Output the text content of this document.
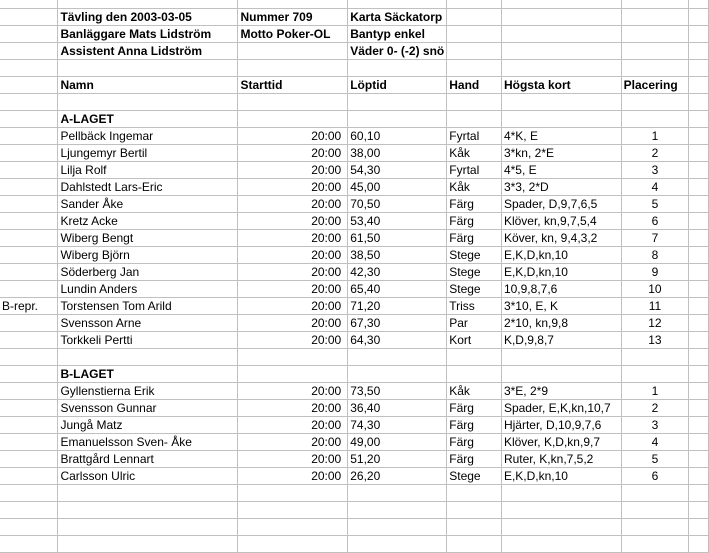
	Tävling den 2003-03-05	Nummer 709	Karta Säckatorp				
	Banläggare Mats Lidström	Motto Poker-OL	Bantyp enkel				
	Assistent Anna Lidström		Väder 0- (-2) snö				

	Namn	Starttid	Löptid	Hand	Högsta kort	Placering	

	A-LAGET						
	Pellbäck Ingemar	20:00	60,10	Fyrtal	4*K, E	1	
	Ljungemyr Bertil	20:00	38,00	Kåk	3*kn, 2*E	2	
	Lilja Rolf	20:00	54,30	Fyrtal	4*5, E	3	
	Dahlstedt Lars-Eric	20:00	45,00	Kåk	3*3, 2*D	4	
	Sander Åke	20:00	70,50	Färg	Spader, D,9,7,6,5	5	
	Kretz Acke	20:00	53,40	Färg	Klöver, kn,9,7,5,4	6	
	Wiberg Bengt	20:00	61,50	Färg	Köver, kn, 9,4,3,2	7	
	Wiberg Björn	20:00	38,50	Stege	E,K,D,kn,10	8	
	Söderberg Jan	20:00	42,30	Stege	E,K,D,kn,10	9	
	Lundin Anders	20:00	65,40	Stege	10,9,8,7,6	10	
B-repr.	Torstensen Tom Arild	20:00	71,20	Triss	3*10, E, K	11	
	Svensson Arne	20:00	67,30	Par	2*10, kn,9,8	12	
	Torkkeli Pertti	20:00	64,30	Kort	K,D,9,8,7	13	

	B-LAGET						
	Gyllenstierna Erik	20:00	73,50	Kåk	3*E, 2*9	1	
	Svensson Gunnar	20:00	36,40	Färg	Spader, E,K,kn,10,7	2	
	Jungå Matz	20:00	74,30	Färg	Hjärter, D,10,9,7,6	3	
	Emanuelsson Sven- Åke	20:00	49,00	Färg	Klöver, K,D,kn,9,7	4	
	Brattgård Lennart	20:00	51,20	Färg	Ruter, K,kn,7,5,2	5	
	Carlsson Ulric	20:00	26,20	Stege	E,K,D,kn,10	6	
